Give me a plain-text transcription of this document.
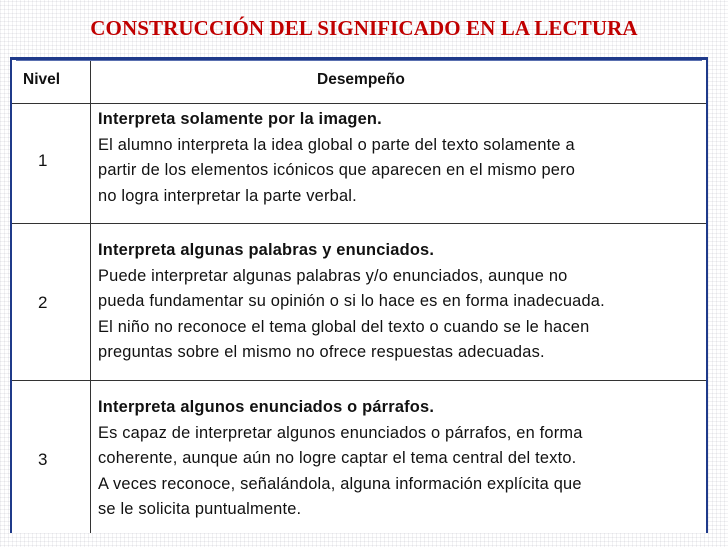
CONSTRUCCIÓN DEL SIGNIFICADO EN LA LECTURA
Nivel	Desempeño
1
Interpreta solamente por la imagen.
El alumno interpreta la idea global o parte del texto solamente a
partir de los elementos icónicos que aparecen en el mismo pero
no logra interpretar la parte verbal.
2
Interpreta algunas palabras y enunciados.
Puede interpretar algunas palabras y/o enunciados, aunque no
pueda fundamentar su opinión o si lo hace es en forma inadecuada.
El niño no reconoce el tema global del texto o cuando se le hacen
preguntas sobre el mismo no ofrece respuestas adecuadas.
3
Interpreta algunos enunciados o párrafos.
Es capaz de interpretar algunos enunciados o párrafos, en forma
coherente, aunque aún no logre captar el tema central del texto.
A veces reconoce, señalándola, alguna información explícita que
se le solicita puntualmente.
